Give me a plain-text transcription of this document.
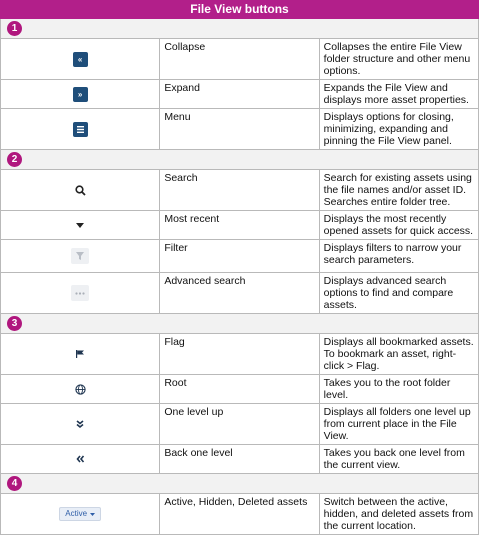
File View buttons		
1		
«	Collapse	Collapses the entire File View folder structure and other menu options.
»	Expand	Expands the File View and displays more asset properties.
	Menu	Displays options for closing, minimizing, expanding and pinning the File View panel.
2		
	Search	Search for existing assets using the file names and/or asset ID. Searches entire folder tree.
	Most recent	Displays the most recently opened assets for quick access.
	Filter	Displays filters to narrow your search parameters.
	Advanced search	Displays advanced search options to find and compare assets.
3		
	Flag	Displays all bookmarked assets. To bookmark an asset, right-click > Flag.
	Root	Takes you to the root folder level.
	One level up	Displays all folders one level up from current place in the File View.
	Back one level	Takes you back one level from the current view.
4		

Active	Active, Hidden, Deleted assets	Switch between the active, hidden, and deleted assets from the current location.
